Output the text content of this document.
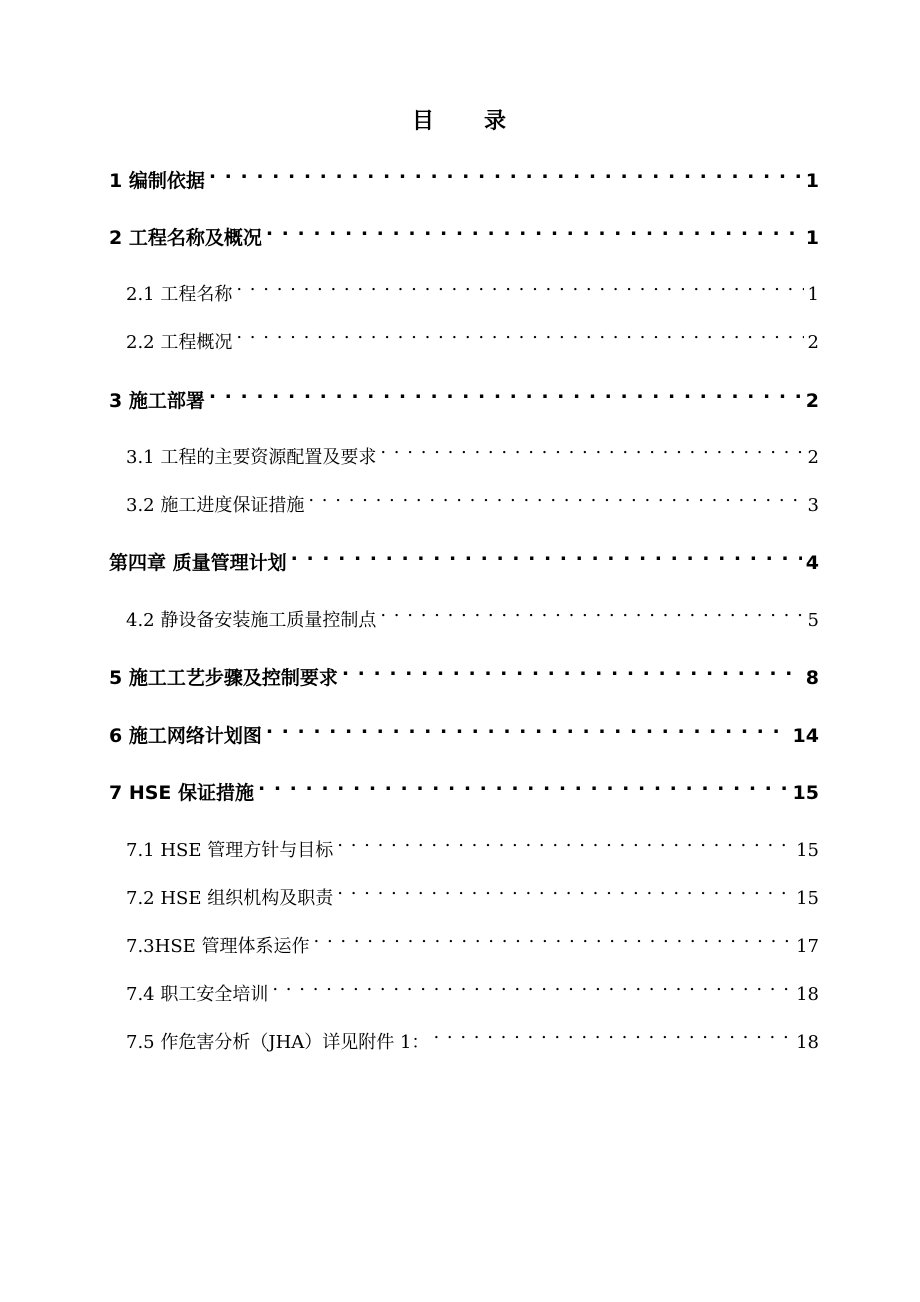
目 录
1 编制依据 . . .	1
2 工程名称及概况 . . .	1
2.1 工程名称 . . .	1
2.2 工程概况 . . .	2
3 施工部署 . . .	2
3.1 工程的主要资源配置及要求 . . .	2
3.2 施工进度保证措施 . . .	3
第四章 质量管理计划 . . .	4
4.2 静设备安装施工质量控制点 . . .	5
5 施工工艺步骤及控制要求 . . .	8
6 施工网络计划图 . . .	14
7 HSE 保证措施 . . .	15
7.1 HSE 管理方针与目标 . . .	15
7.2 HSE 组织机构及职责 . . .	15
7.3HSE 管理体系运作 . . .	17
7.4 职工安全培训 . . .	18
7.5 作危害分析（JHA）详见附件 1： . . .	18
